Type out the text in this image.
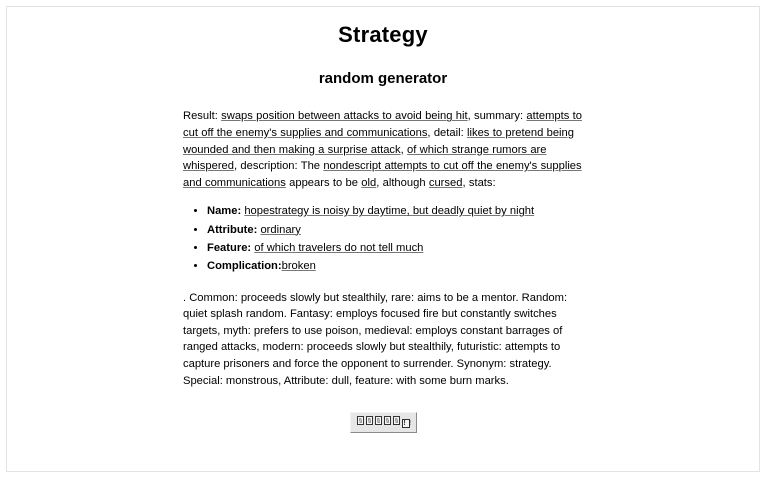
Strategy
random generator

Result: swaps position between attacks to avoid being hit, summary: attempts to cut off the enemy's supplies and communications, detail: likes to pretend being wounded and then making a surprise attack, of which strange rumors are whispered, description: The nondescript attempts to cut off the enemy's supplies and communications appears to be old, although cursed, stats:

• Name: hopestrategy is noisy by daytime, but deadly quiet by night
• Attribute: ordinary
• Feature: of which travelers do not tell much
• Complication:broken

. Common: proceeds slowly but stealthily, rare: aims to be a mentor. Random: quiet splash random. Fantasy: employs focused fire but constantly switches targets, myth: prefers to use poison, medieval: employs constant barrages of ranged attacks, modern: proceeds slowly but stealthily, futuristic: attempts to capture prisoners and force the opponent to surrender. Synonym: strategy. Special: monstrous, Attribute: dull, feature: with some burn marks.

!!
